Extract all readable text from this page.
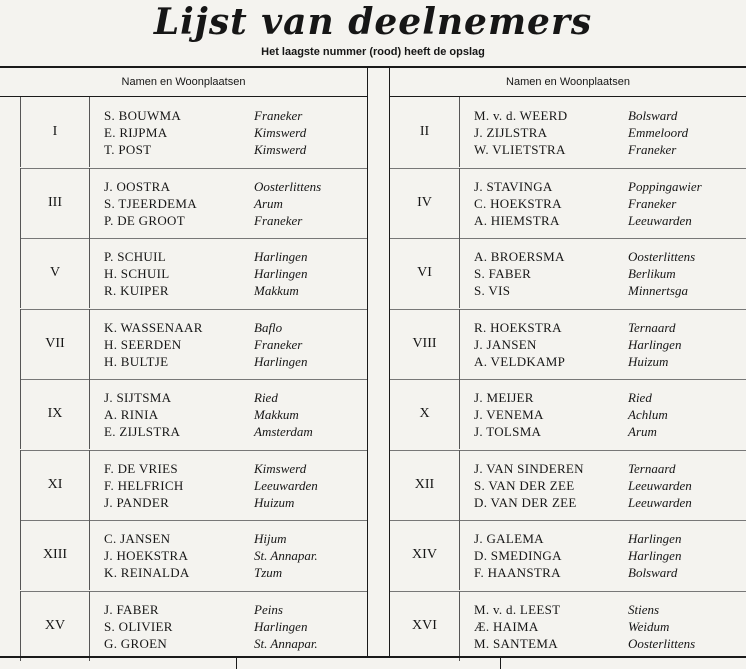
Lijst van deelnemers

Het laagste nummer (rood) heeft de opslag

Namen en Woonplaatsen	Namen en Woonplaatsen
I
S. BOUWMA	Franeker
E. RIJPMA	Kimswerd
T. POST	Kimswerd
II
M. v. d. WEERD	Bolsward
J. ZIJLSTRA	Emmeloord
W. VLIETSTRA	Franeker
III
J. OOSTRA	Oosterlittens
S. TJEERDEMA	Arum
P. DE GROOT	Franeker
IV
J. STAVINGA	Poppingawier
C. HOEKSTRA	Franeker
A. HIEMSTRA	Leeuwarden
V
P. SCHUIL	Harlingen
H. SCHUIL	Harlingen
R. KUIPER	Makkum
VI
A. BROERSMA	Oosterlittens
S. FABER	Berlikum
S. VIS	Minnertsga
VII
K. WASSENAAR	Baflo
H. SEERDEN	Franeker
H. BULTJE	Harlingen
VIII
R. HOEKSTRA	Ternaard
J. JANSEN	Harlingen
A. VELDKAMP	Huizum
IX
J. SIJTSMA	Ried
A. RINIA	Makkum
E. ZIJLSTRA	Amsterdam
X
J. MEIJER	Ried
J. VENEMA	Achlum
J. TOLSMA	Arum
XI
F. DE VRIES	Kimswerd
F. HELFRICH	Leeuwarden
J. PANDER	Huizum
XII
J. VAN SINDEREN	Ternaard
S. VAN DER ZEE	Leeuwarden
D. VAN DER ZEE	Leeuwarden
XIII
C. JANSEN	Hijum
J. HOEKSTRA	St. Annapar.
K. REINALDA	Tzum
XIV
J. GALEMA	Harlingen
D. SMEDINGA	Harlingen
F. HAANSTRA	Bolsward
XV
J. FABER	Peins
S. OLIVIER	Harlingen
G. GROEN	St. Annapar.
XVI
M. v. d. LEEST	Stiens
Æ. HAIMA	Weidum
M. SANTEMA	Oosterlittens
